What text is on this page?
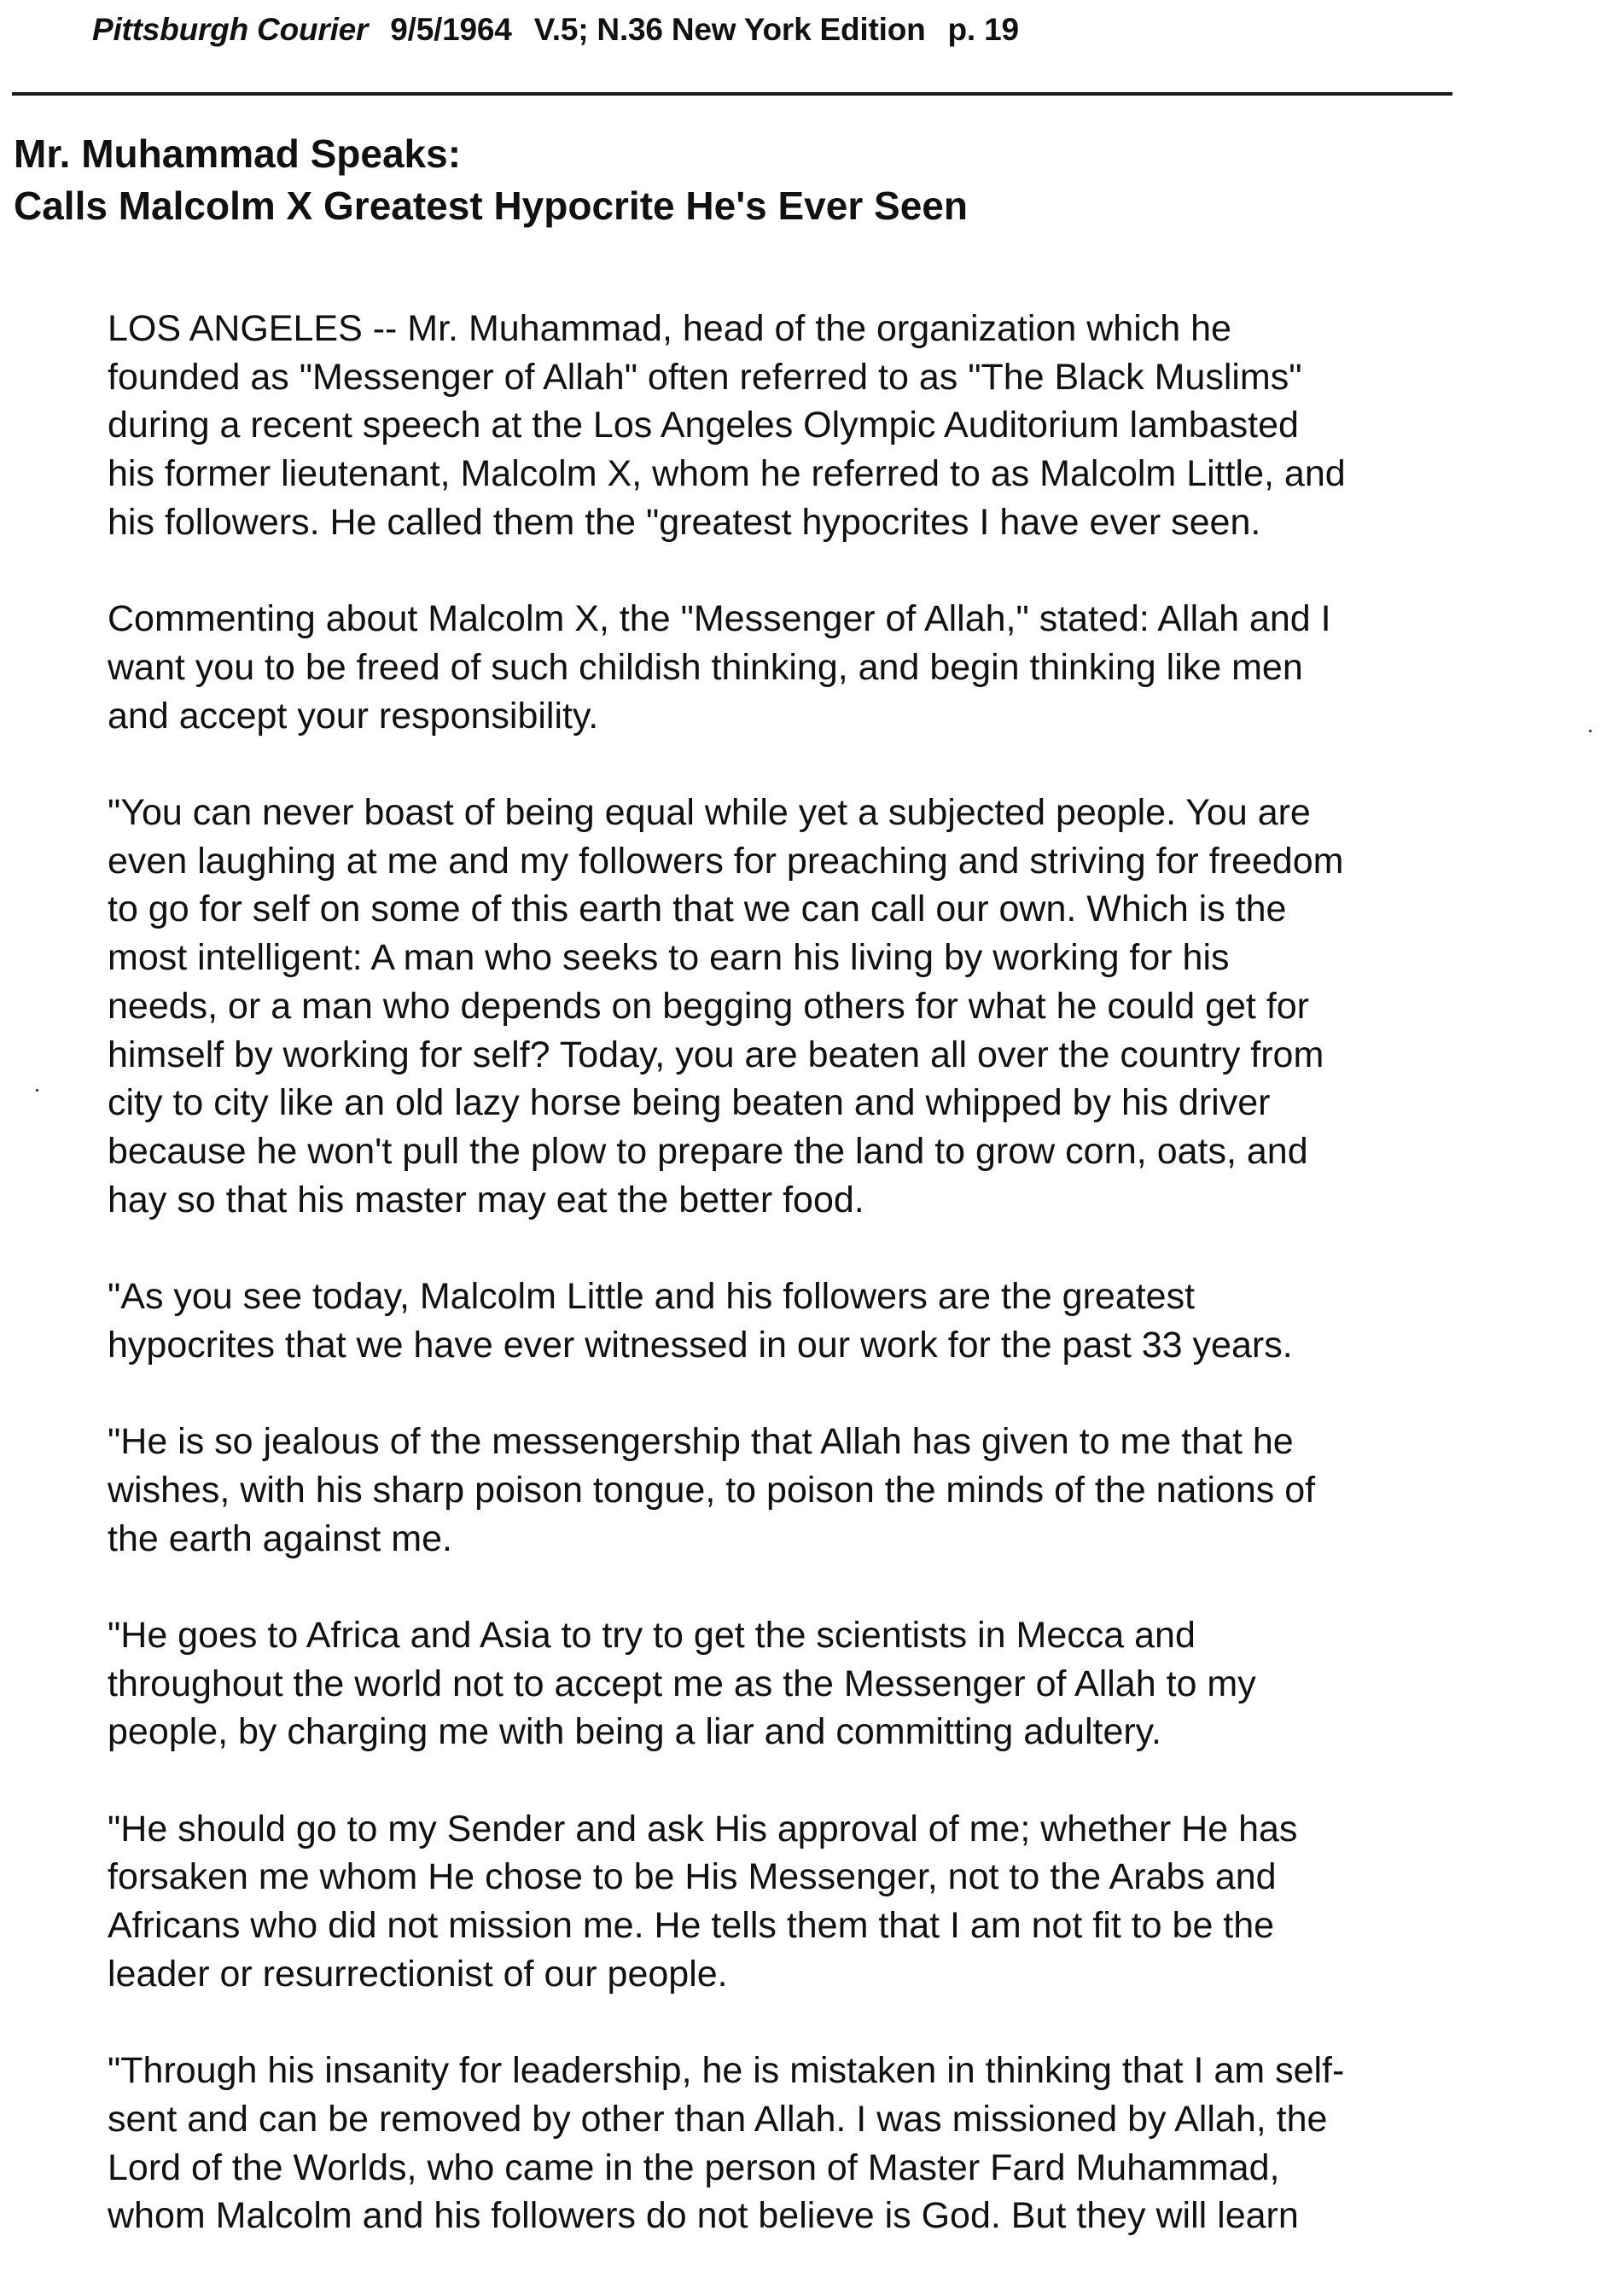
Pittsburgh Courier 9/5/1964 V.5; N.36 New York Edition p. 19
Mr. Muhammad Speaks:
Calls Malcolm X Greatest Hypocrite He's Ever Seen

LOS ANGELES -- Mr. Muhammad, head of the organization which he
founded as "Messenger of Allah" often referred to as "The Black Muslims"
during a recent speech at the Los Angeles Olympic Auditorium lambasted
his former lieutenant, Malcolm X, whom he referred to as Malcolm Little, and
his followers. He called them the "greatest hypocrites I have ever seen.

Commenting about Malcolm X, the "Messenger of Allah," stated: Allah and I
want you to be freed of such childish thinking, and begin thinking like men
and accept your responsibility.

"You can never boast of being equal while yet a subjected people. You are
even laughing at me and my followers for preaching and striving for freedom
to go for self on some of this earth that we can call our own. Which is the
most intelligent: A man who seeks to earn his living by working for his
needs, or a man who depends on begging others for what he could get for
himself by working for self? Today, you are beaten all over the country from
city to city like an old lazy horse being beaten and whipped by his driver
because he won't pull the plow to prepare the land to grow corn, oats, and
hay so that his master may eat the better food.

"As you see today, Malcolm Little and his followers are the greatest
hypocrites that we have ever witnessed in our work for the past 33 years.

"He is so jealous of the messengership that Allah has given to me that he
wishes, with his sharp poison tongue, to poison the minds of the nations of
the earth against me.

"He goes to Africa and Asia to try to get the scientists in Mecca and
throughout the world not to accept me as the Messenger of Allah to my
people, by charging me with being a liar and committing adultery.

"He should go to my Sender and ask His approval of me; whether He has
forsaken me whom He chose to be His Messenger, not to the Arabs and
Africans who did not mission me. He tells them that I am not fit to be the
leader or resurrectionist of our people.

"Through his insanity for leadership, he is mistaken in thinking that I am self-
sent and can be removed by other than Allah. I was missioned by Allah, the
Lord of the Worlds, who came in the person of Master Fard Muhammad,
whom Malcolm and his followers do not believe is God. But they will learn
